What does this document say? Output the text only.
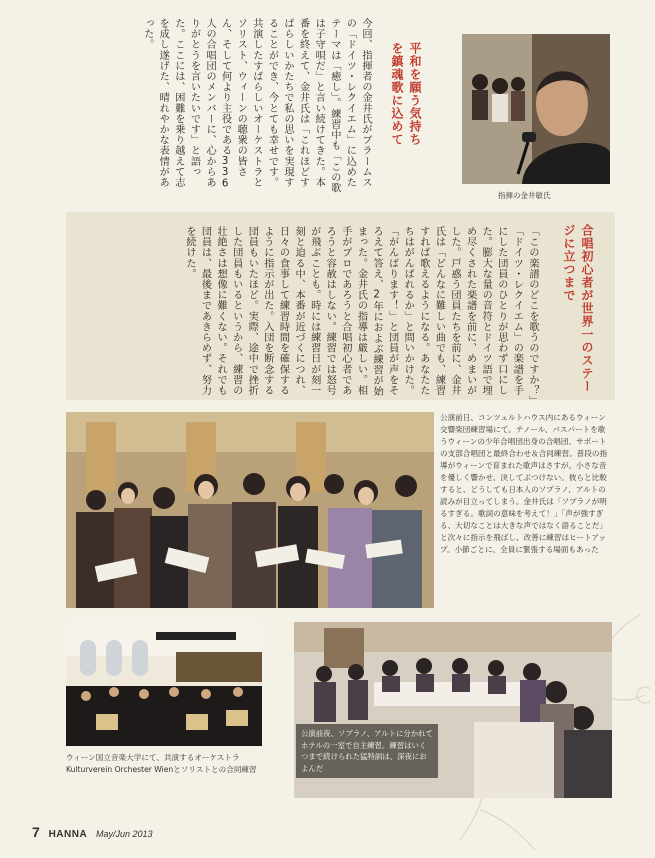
今回、指揮者の金井氏がブラームスの「ドイツ・レクイエム」に込めたテーマは「癒し」。練習中も「この歌は子守唄だ」と言い続けてきた。本番を終えて、金井氏は「これほどすばらしいかたちで私の思いを実現することができ、今とても幸せです。共演したすばらしいオーケストラとソリスト、ウィーンの聴衆の皆さん、そして何より主役である336人の合唱団のメンバーに、心からありがとうを言いたいです」と語った。ここには、困難を乗り越えて志を成し遂げた、晴れやかな表情があった。
平和を願う気持ちを鎮魂歌に込めて
指揮の金井敏氏
「この楽譜のどこを歌うのですか？」「ドイツ・レクイエム」の楽譜を手にした団員のひとりが思わず口にした。膨大な量の音符とドイツ語で埋め尽くされた楽譜を前に、めまいがした。戸惑う団員たちを前に、金井氏は「どんなに難しい曲でも、練習すれば歌えるようになる。あなたたちはがんばれるか」と問いかけた。「がんばります！」と団員が声をそろえて答え、2年におよぶ練習が始まった。金井氏の指導は厳しい。相手がプロであろうと合唱初心者であろうと容赦はしない。練習では怒号が飛ぶことも。時には練習日が刻一刻と迫る中、本番が近づくにつれ、日々の食事して練習時間を確保するように指示が出た。入団を断念する団員もいたほど。実際、途中で挫折した団員もいるというから、練習の壮絶さは想像に難くない。それでも団員は、最後まであきらめず、努力を続けた。	合唱初心者が世界一のステージに立つまで
公演前日、コンツェルトハウス内にあるウィーン交響楽団練習場にて。テノール、バスパートを歌うウィーンの少年合唱団出身の合唱団、サポートの支部合唱団と最終合わせ＆合同練習。普段の指導がウィーンで育まれた歌声はさすが。小さな音を優しく響かせ、決してぶつけない。彼らと比較すると、どうしても日本人のソプラノ、アルトの読みが目立ってしまう。金井氏は「ソプラノが明るすぎる。歌詞の意味を考えて！」「声が強すぎる、大切なことは大きな声ではなく語ることだ」と次々に指示を飛ばし、改善に練習はヒートアップ。小節ごとに、全員に緊張する場面もあった
ウィーン国立音楽大学にて、共演するオーケストラ Kulturverein Orchester Wienとソリストとの合同練習
公演前夜、ソプラノ、アルトに分かれてホテルの一室で自主練習。練習はいくつまで続けられた猛特訓は、深夜におよんだ
7 HANNA May/Jun 2013
